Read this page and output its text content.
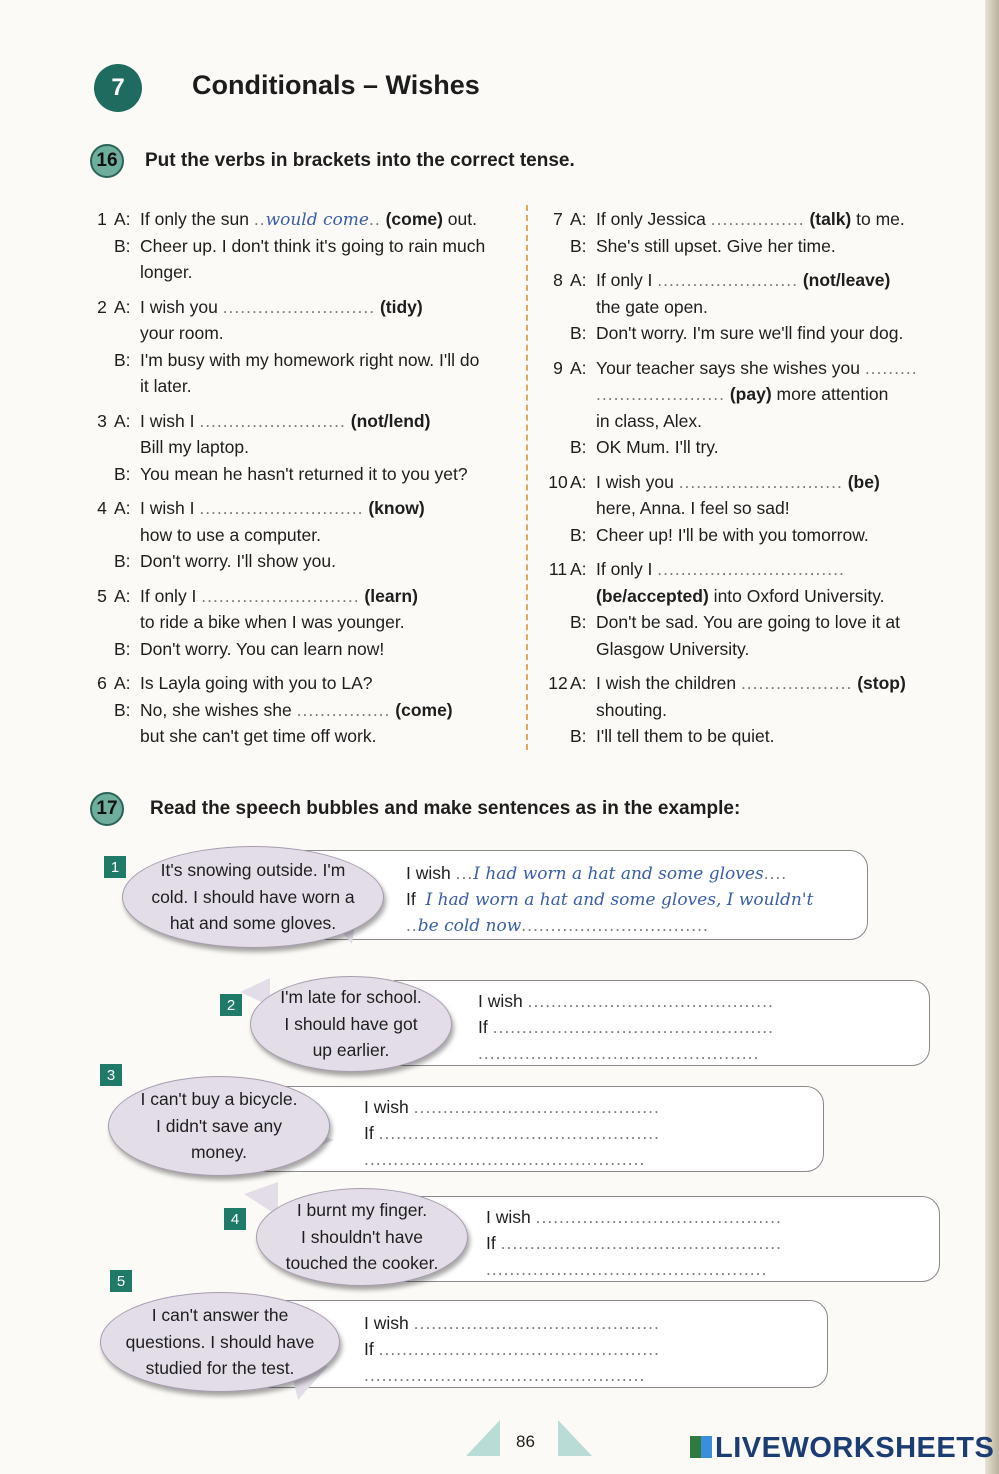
7 Conditionals – Wishes
16 Put the verbs in brackets into the correct tense.
1 A: If only the sun ..would come.. (come) out.
B: Cheer up. I don't think it's going to rain much
longer.
2 A: I wish you .......................... (tidy)
your room.
B: I'm busy with my homework right now. I'll do
it later.
3 A: I wish I ......................... (not/lend)
Bill my laptop.
B: You mean he hasn't returned it to you yet?
4 A: I wish I ............................ (know)
how to use a computer.
B: Don't worry. I'll show you.
5 A: If only I ........................... (learn)
to ride a bike when I was younger.
B: Don't worry. You can learn now!
6 A: Is Layla going with you to LA?
B: No, she wishes she ................ (come)
but she can't get time off work.
7 A: If only Jessica ................ (talk) to me.
B: She's still upset. Give her time.
8 A: If only I ........................ (not/leave)
the gate open.
B: Don't worry. I'm sure we'll find your dog.
9 A: Your teacher says she wishes you .........
...................... (pay) more attention
in class, Alex.
B: OK Mum. I'll try.
10 A: I wish you ............................ (be)
here, Anna. I feel so sad!
B: Cheer up! I'll be with you tomorrow.
11 A: If only I ................................
(be/accepted) into Oxford University.
B: Don't be sad. You are going to love it at
Glasgow University.
12 A: I wish the children ................... (stop)
shouting.
B: I'll tell them to be quiet.
17 Read the speech bubbles and make sentences as in the example:
It's snowing outside. I'm
cold. I should have worn a
hat and some gloves.
1	I wish ...I had worn a hat and some gloves....
If I had worn a hat and some gloves, I wouldn't
..be cold now................................
I'm late for school.
I should have got
up earlier.
2	I wish ..........................................
If ................................................
................................................
I can't buy a bicycle.
I didn't save any
money.
3
I wish ..........................................
If ................................................
................................................
I burnt my finger.
I shouldn't have
touched the cooker.
4	I wish ..........................................
If ................................................
................................................
I can't answer the
questions. I should have
studied for the test.
5
I wish ..........................................
If ................................................
................................................
86	LIVEWORKSHEETS
